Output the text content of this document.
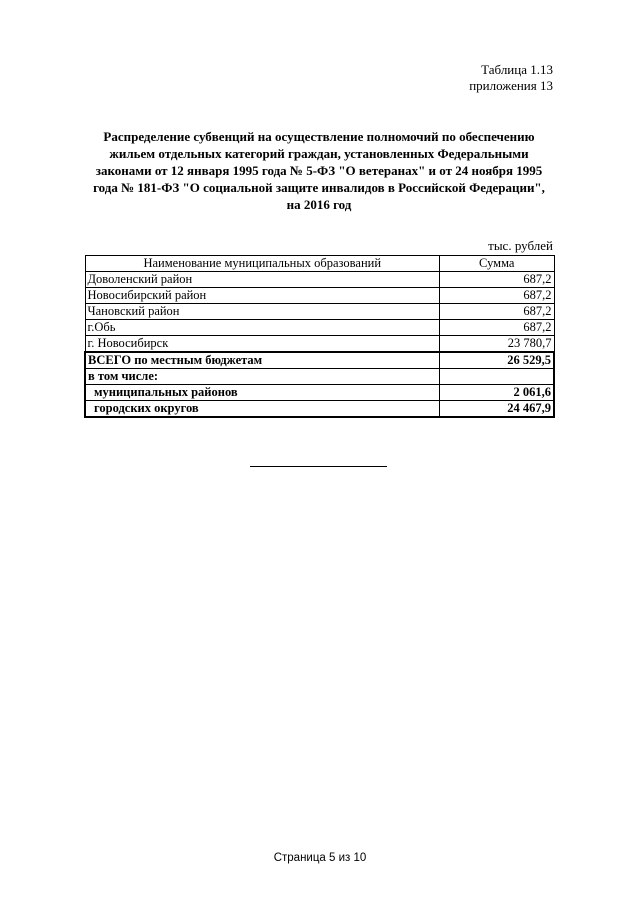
Таблица 1.13
приложения 13
Распределение субвенций на осуществление полномочий по обеспечению
жильем отдельных категорий граждан, установленных Федеральными
законами от 12 января 1995 года № 5-ФЗ "О ветеранах" и от 24 ноября 1995
года № 181-ФЗ "О социальной защите инвалидов в Российской Федерации",
на 2016 год
тыс. рублей
Наименование муниципальных образований	Сумма
Доволенский район	687,2
Новосибирский район	687,2
Чановский район	687,2
г.Обь	687,2
г. Новосибирск	23 780,7
ВСЕГО по местным бюджетам	26 529,5
в том числе:	
муниципальных районов	2 061,6
городских округов	24 467,9
Страница 5 из 10
